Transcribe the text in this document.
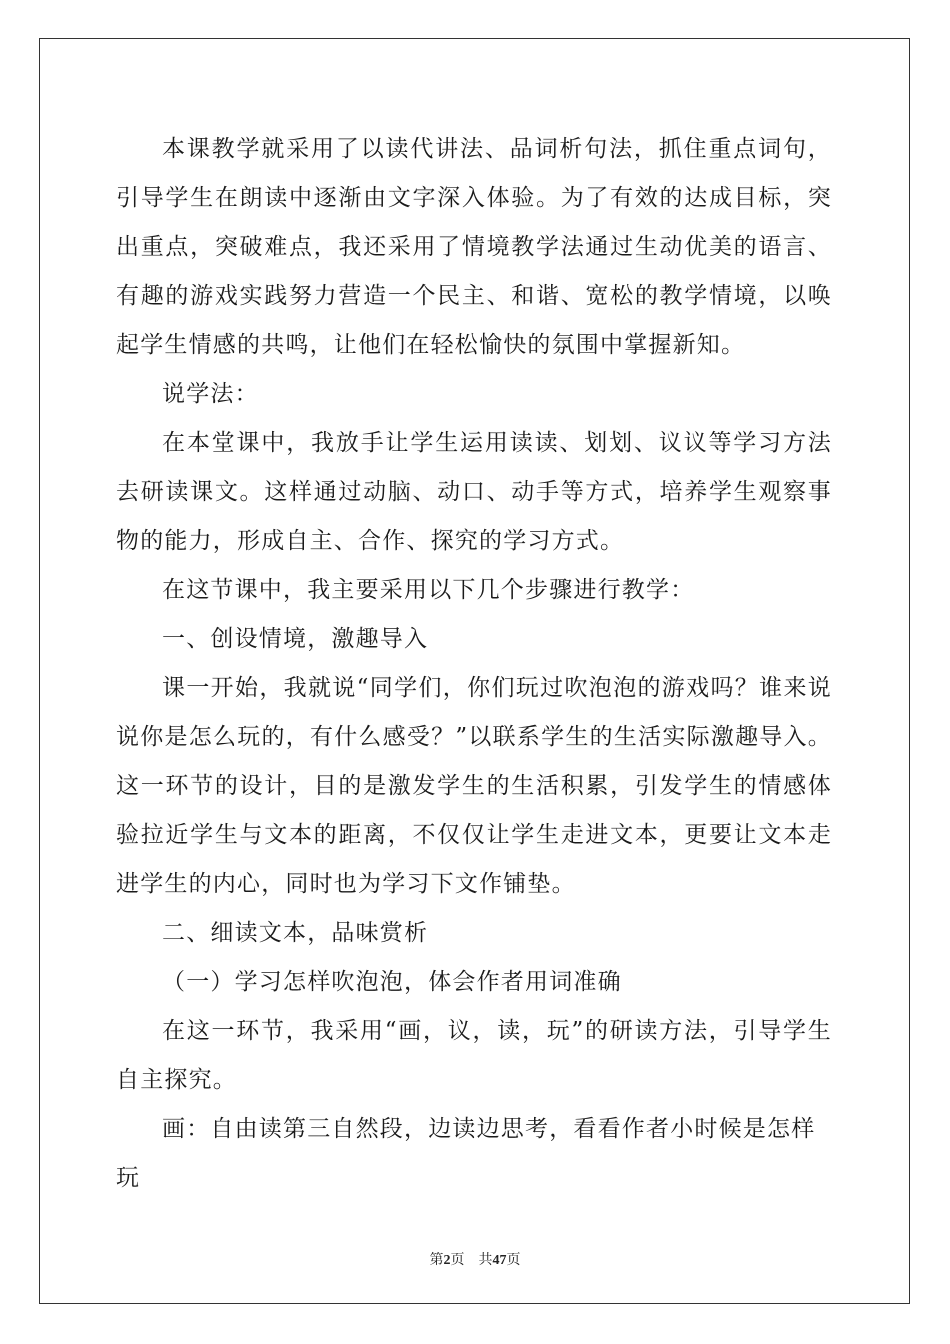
本课教学就采用了以读代讲法、品词析句法，抓住重点词句，引导学生在朗读中逐渐由文字深入体验。为了有效的达成目标，突出重点，突破难点，我还采用了情境教学法通过生动优美的语言、有趣的游戏实践努力营造一个民主、和谐、宽松的教学情境，以唤起学生情感的共鸣，让他们在轻松愉快的氛围中掌握新知。

说学法：

在本堂课中，我放手让学生运用读读、划划、议议等学习方法去研读课文。这样通过动脑、动口、动手等方式，培养学生观察事物的能力，形成自主、合作、探究的学习方式。

在这节课中，我主要采用以下几个步骤进行教学：

一、创设情境，激趣导入

课一开始，我就说“同学们，你们玩过吹泡泡的游戏吗？谁来说说你是怎么玩的，有什么感受？”以联系学生的生活实际激趣导入。这一环节的设计，目的是激发学生的生活积累，引发学生的情感体验拉近学生与文本的距离，不仅仅让学生走进文本，更要让文本走进学生的内心，同时也为学习下文作铺垫。

二、细读文本，品味赏析

（一）学习怎样吹泡泡，体会作者用词准确

在这一环节，我采用“画，议，读，玩”的研读方法，引导学生自主探究。

画：自由读第三自然段，边读边思考，看看作者小时候是怎样玩

第2页 共47页
